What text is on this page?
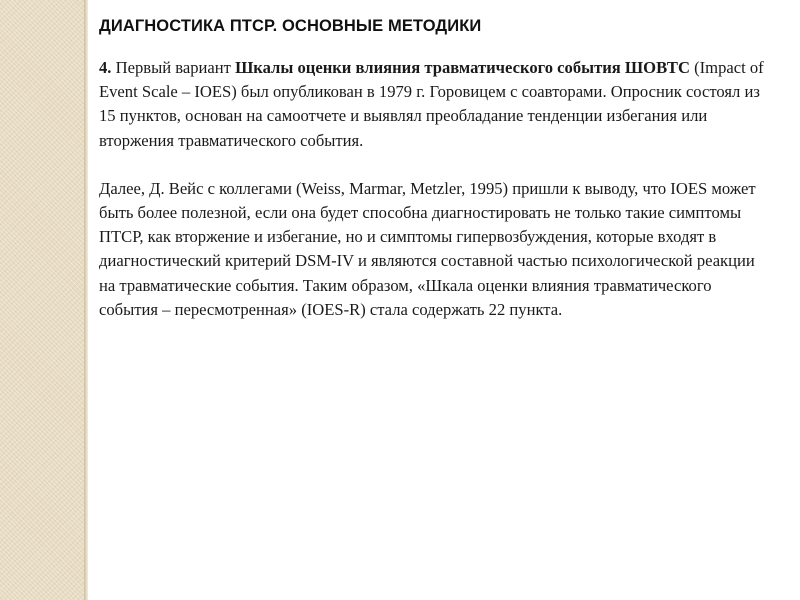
ДИАГНОСТИКА ПТСР. ОСНОВНЫЕ МЕТОДИКИ

4. Первый вариант Шкалы оценки влияния травматического события ШОВТС (Impact of Event Scale – IOES) был опубликован в 1979 г. Горовицем с соавторами. Опросник состоял из 15 пунктов, основан на самоотчете и выявлял преобладание тенденции избегания или вторжения травматического события.

Далее, Д. Вейс с коллегами (Weiss, Marmar, Metzler, 1995) пришли к выводу, что IOES может быть более полезной, если она будет способна диагностировать не только такие симптомы ПТСР, как вторжение и избегание, но и симптомы гипервозбуждения, которые входят в диагностический критерий DSM-IV и являются составной частью психологической реакции на травматические события. Таким образом, «Шкала оценки влияния травматического события – пересмотренная» (IOES-R) стала содержать 22 пункта.
